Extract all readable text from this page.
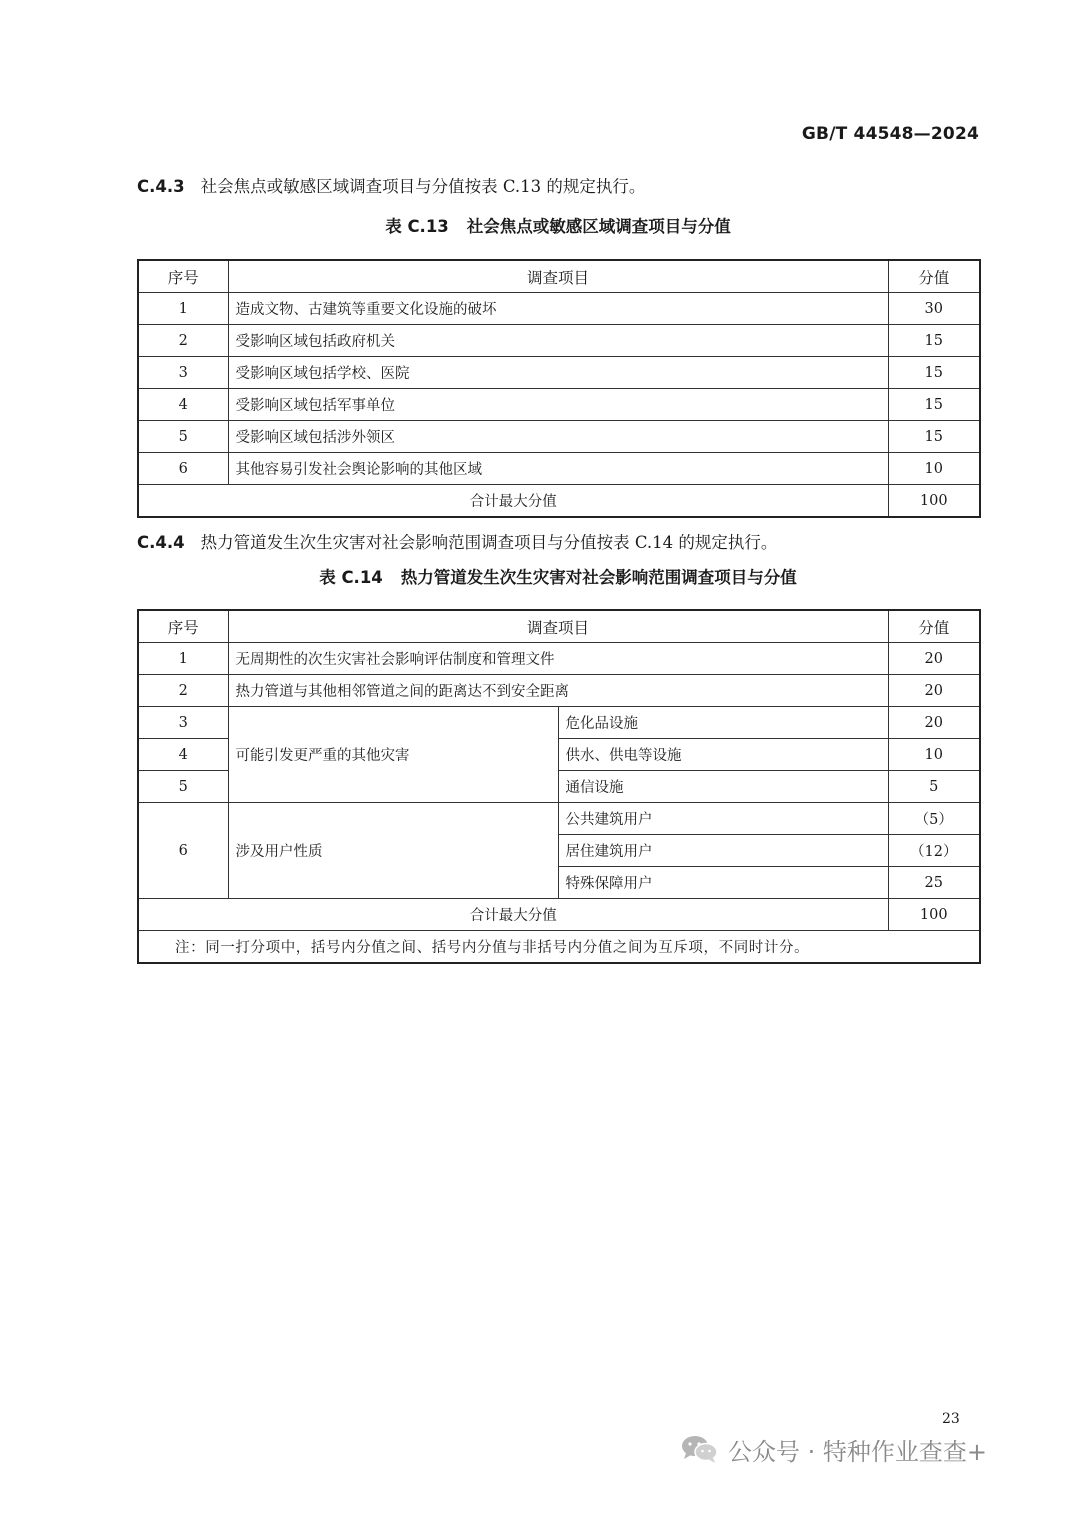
GB/T 44548—2024
C.4.3 社会焦点或敏感区域调查项目与分值按表 C.13 的规定执行。
表 C.13 社会焦点或敏感区域调查项目与分值
序号	调查项目	分值
1	造成文物、古建筑等重要文化设施的破坏	30
2	受影响区域包括政府机关	15
3	受影响区域包括学校、医院	15
4	受影响区域包括军事单位	15
5	受影响区域包括涉外领区	15
6	其他容易引发社会舆论影响的其他区域	10
合计最大分值		100
C.4.4 热力管道发生次生灾害对社会影响范围调查项目与分值按表 C.14 的规定执行。
表 C.14 热力管道发生次生灾害对社会影响范围调查项目与分值
序号	调查项目		分值
1	无周期性的次生灾害社会影响评估制度和管理文件		20
2	热力管道与其他相邻管道之间的距离达不到安全距离		20
3	可能引发更严重的其他灾害	危化品设施	20
4		供水、供电等设施	10
5		通信设施	5
6	涉及用户性质	公共建筑用户	（5）
		居住建筑用户	（12）
		特殊保障用户	25
合计最大分值			100
注：同一打分项中，括号内分值之间、括号内分值与非括号内分值之间为互斥项，不同时计分。			
23
公众号 · 特种作业查查+
